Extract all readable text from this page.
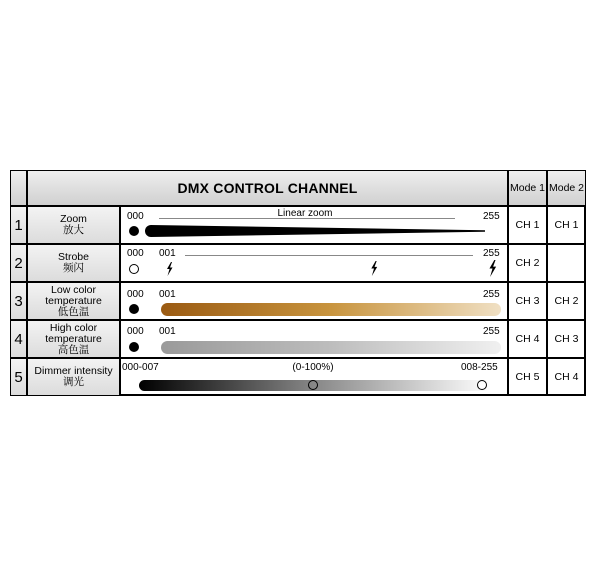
DMX CONTROL CHANNEL	Mode 1 Mode 2
1	Zoom
放大
000	Linear zoom	255
CH 1	CH 1
2	Strobe
频闪
000 001	255
CH 2
3
Low color
temperature
低色温
000 001	255
CH 3	CH 2
4
High color
temperature
高色温
000 001	255
CH 4	CH 3
5	Dimmer intensity
调光
000-007	(0-100%)	008-255
CH 5	CH 4
